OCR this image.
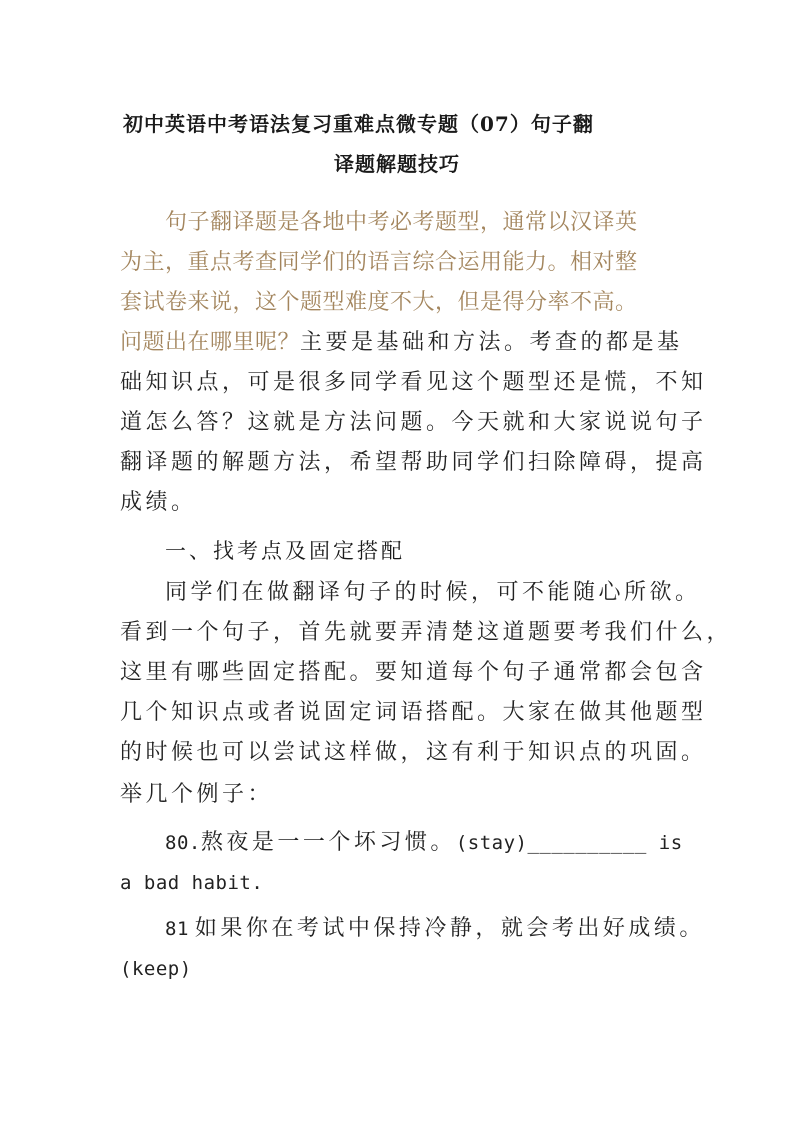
初中英语中考语法复习重难点微专题（07）句子翻
译题解题技巧
句子翻译题是各地中考必考题型，通常以汉译英
为主，重点考查同学们的语言综合运用能力。相对整
套试卷来说，这个题型难度不大，但是得分率不高。
问题出在哪里呢？主要是基础和方法。考查的都是基
础知识点，可是很多同学看见这个题型还是慌，不知
道怎么答？这就是方法问题。今天就和大家说说句子
翻译题的解题方法，希望帮助同学们扫除障碍，提高
成绩。
一、找考点及固定搭配
同学们在做翻译句子的时候，可不能随心所欲。
看到一个句子，首先就要弄清楚这道题要考我们什么，
这里有哪些固定搭配。要知道每个句子通常都会包含
几个知识点或者说固定词语搭配。大家在做其他题型
的时候也可以尝试这样做，这有利于知识点的巩固。
举几个例子：
80.熬夜是一一个坏习惯。(stay)__________ is
a bad habit.
81 如果你在考试中保持冷静，就会考出好成绩。
(keep)
